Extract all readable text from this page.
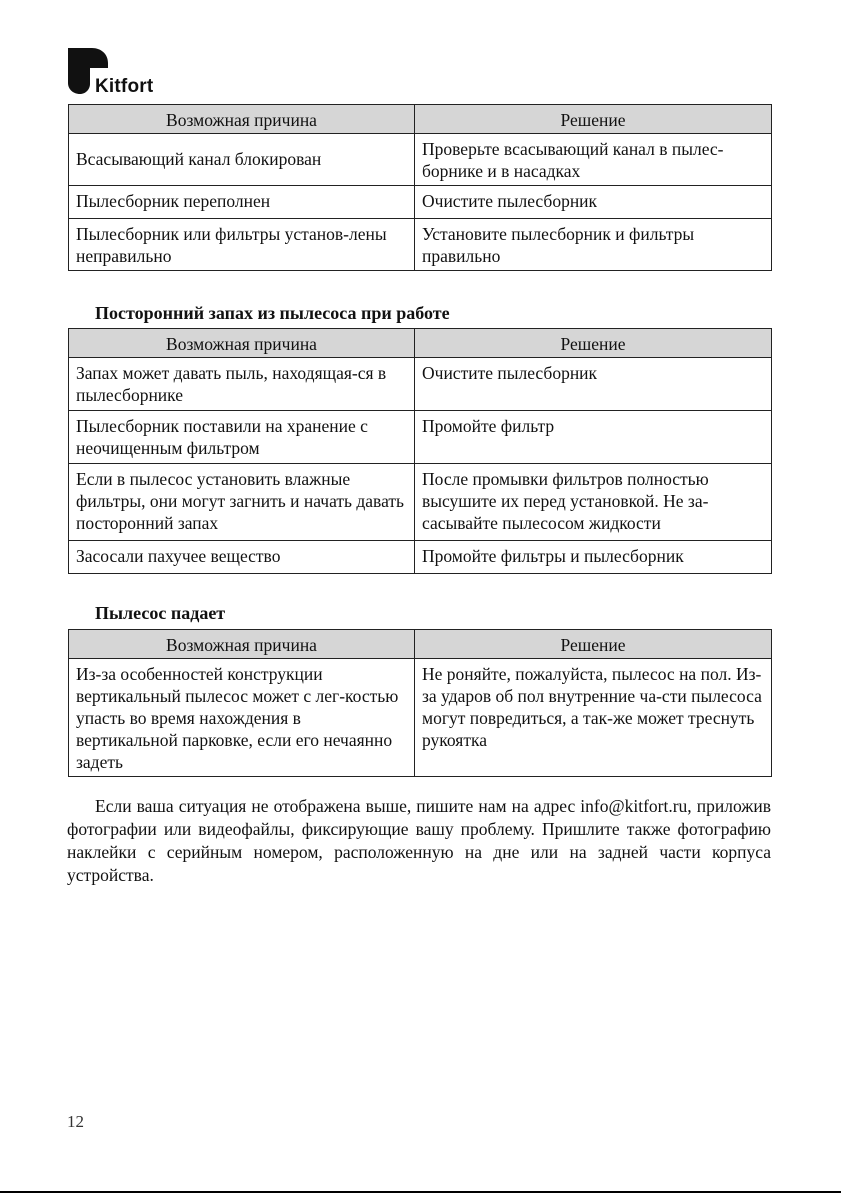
Kitfort
Возможная причина	Решение

Всасывающий канал блокирован	Проверьте всасывающий канал в пылес-борнике и в насадках
Пылесборник переполнен	Очистите пылесборник
Пылесборник или фильтры установ-лены неправильно	Установите пылесборник и фильтры правильно
Посторонний запах из пылесоса при работе
Возможная причина	Решение
Запах может давать пыль, находящая-ся в пылесборнике	Очистите пылесборник
Пылесборник поставили на хранение с неочищенным фильтром	Промойте фильтр
Если в пылесос установить влажные фильтры, они могут загнить и начать давать посторонний запах	После промывки фильтров полностью высушите их перед установкой. Не за-сасывайте пылесосом жидкости
Засосали пахучее вещество	Промойте фильтры и пылесборник
Пылесос падает
Возможная причина	Решение
Из-за особенностей конструкции вертикальный пылесос может с лег-костью упасть во время нахождения в вертикальной парковке, если его нечаянно задеть	Не роняйте, пожалуйста, пылесос на пол. Из-за ударов об пол внутренние ча-сти пылесоса могут повредиться, а так-же может треснуть рукоятка
Если ваша ситуация не отображена выше, пишите нам на адрес info@kitfort.ru, приложив фотографии или видеофайлы, фиксирующие вашу проблему. Пришлите также фотографию наклейки с серийным номером, расположенную на дне или на задней части корпуса устройства.
12
